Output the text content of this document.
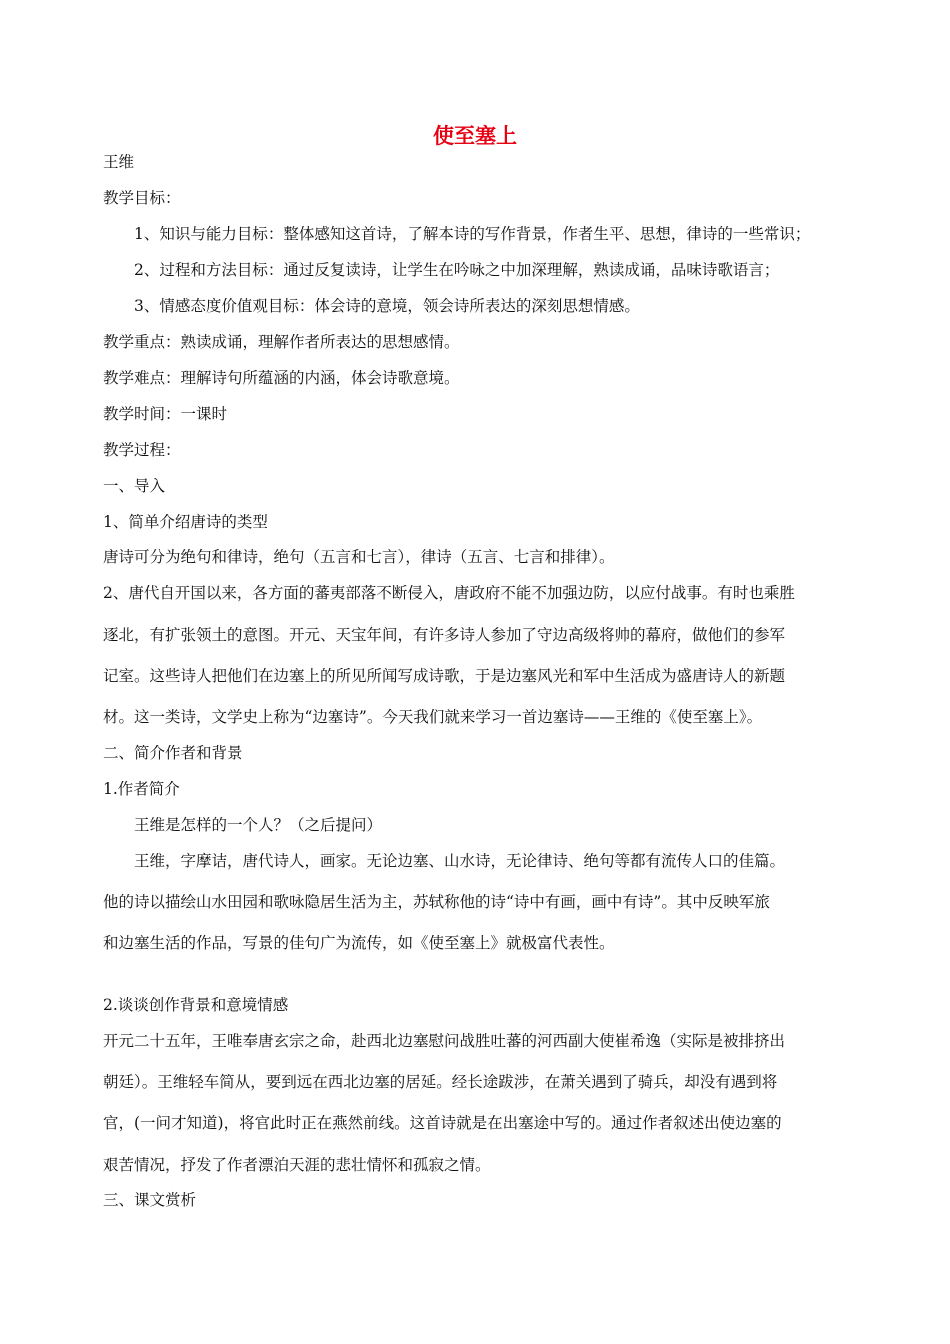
使至塞上
王维
教学目标：
1、知识与能力目标：整体感知这首诗，了解本诗的写作背景，作者生平、思想，律诗的一些常识；
2、过程和方法目标：通过反复读诗，让学生在吟咏之中加深理解，熟读成诵，品味诗歌语言；
3、情感态度价值观目标：体会诗的意境，领会诗所表达的深刻思想情感。
教学重点：熟读成诵，理解作者所表达的思想感情。
教学难点：理解诗句所蕴涵的内涵，体会诗歌意境。
教学时间：一课时
教学过程：
一、导入
1、简单介绍唐诗的类型
唐诗可分为绝句和律诗，绝句（五言和七言），律诗（五言、七言和排律）。
2、唐代自开国以来，各方面的蕃夷部落不断侵入，唐政府不能不加强边防，以应付战事。有时也乘胜
逐北，有扩张领土的意图。开元、天宝年间，有许多诗人参加了守边高级将帅的幕府，做他们的参军
记室。这些诗人把他们在边塞上的所见所闻写成诗歌，于是边塞风光和军中生活成为盛唐诗人的新题
材。这一类诗，文学史上称为“边塞诗”。今天我们就来学习一首边塞诗——王维的《使至塞上》。
二、简介作者和背景
1.作者简介
王维是怎样的一个人？（之后提问）
王维，字摩诘，唐代诗人，画家。无论边塞、山水诗，无论律诗、绝句等都有流传人口的佳篇。
他的诗以描绘山水田园和歌咏隐居生活为主，苏轼称他的诗“诗中有画，画中有诗”。其中反映军旅
和边塞生活的作品，写景的佳句广为流传，如《使至塞上》就极富代表性。
2.谈谈创作背景和意境情感
开元二十五年，王唯奉唐玄宗之命，赴西北边塞慰问战胜吐蕃的河西副大使崔希逸（实际是被排挤出
朝廷）。王维轻车简从，要到远在西北边塞的居延。经长途跋涉，在萧关遇到了骑兵，却没有遇到将
官，(一问才知道)，将官此时正在燕然前线。这首诗就是在出塞途中写的。通过作者叙述出使边塞的
艰苦情况，抒发了作者漂泊天涯的悲壮情怀和孤寂之情。
三、课文赏析
